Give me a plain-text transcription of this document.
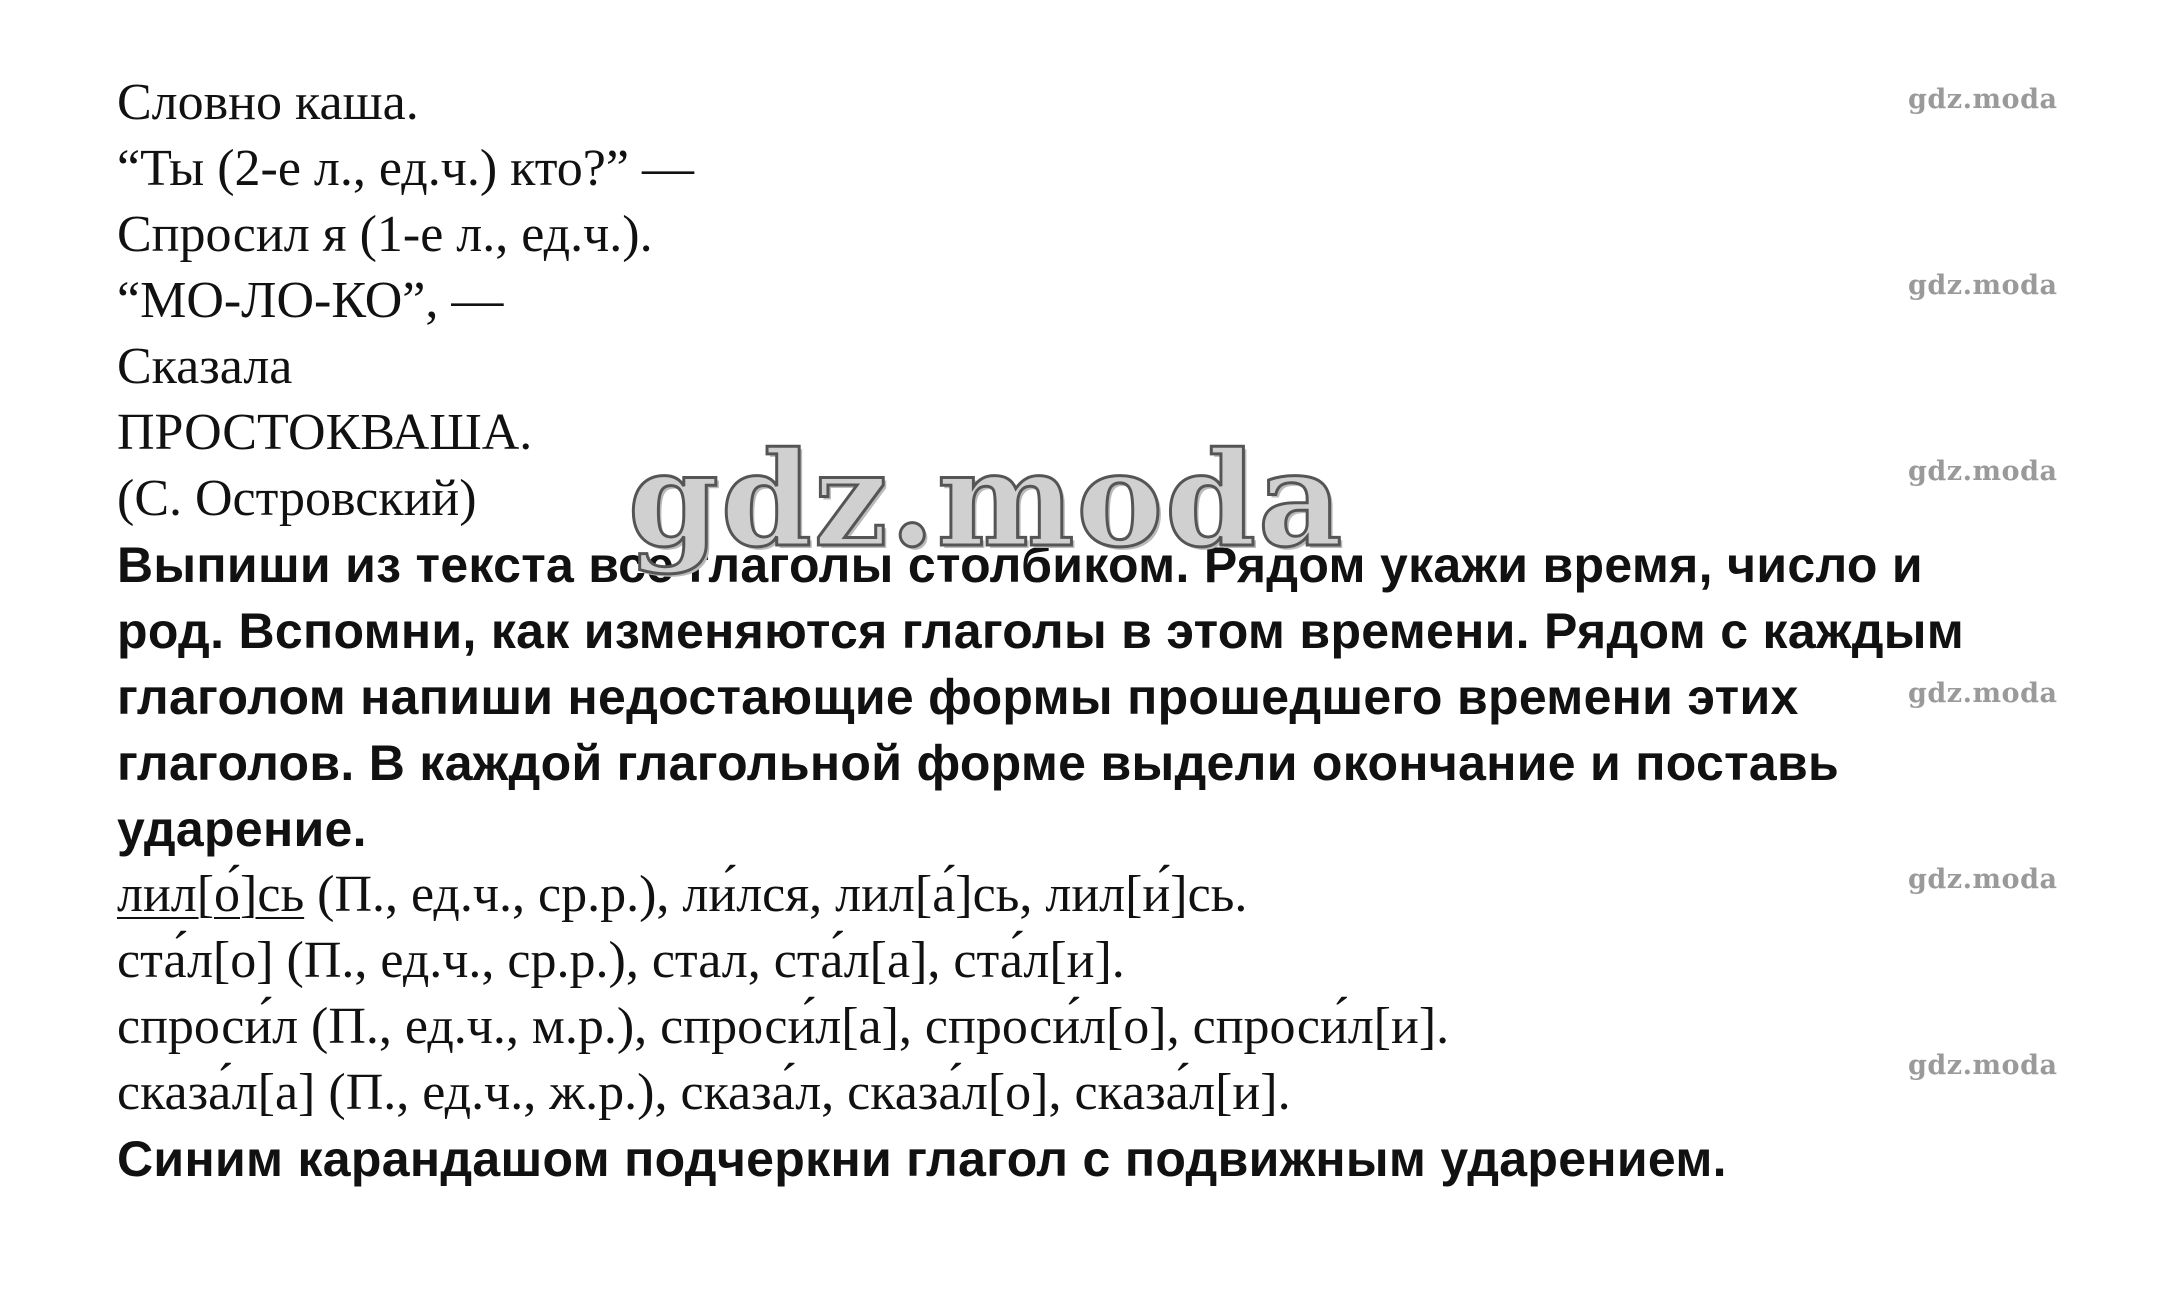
Словно каша.
“Ты (2-е л., ед.ч.) кто?” —
Спросил я (1-е л., ед.ч.).
“МО-ЛО-КО”, —
Сказала
ПРОСТОКВАША.
(С. Островский)
Выпиши из текста все глаголы столбиком. Рядом укажи время, число и
род. Вспомни, как изменяются глаголы в этом времени. Рядом с каждым
глаголом напиши недостающие формы прошедшего времени этих
глаголов. В каждой глагольной форме выдели окончание и поставь
ударение.
лил[о́]сь (П., ед.ч., ср.р.), ли́лся, лил[а́]сь, лил[и́]сь.
ста́л[о] (П., ед.ч., ср.р.), стал, ста́л[а], ста́л[и].
спроси́л (П., ед.ч., м.р.), спроси́л[а], спроси́л[о], спроси́л[и].
сказа́л[а] (П., ед.ч., ж.р.), сказа́л, сказа́л[о], сказа́л[и].
Синим карандашом подчеркни глагол с подвижным ударением.
gdz.moda
gdz.moda
gdz.moda
gdz.moda
gdz.moda
gdz.moda
gdz.moda
